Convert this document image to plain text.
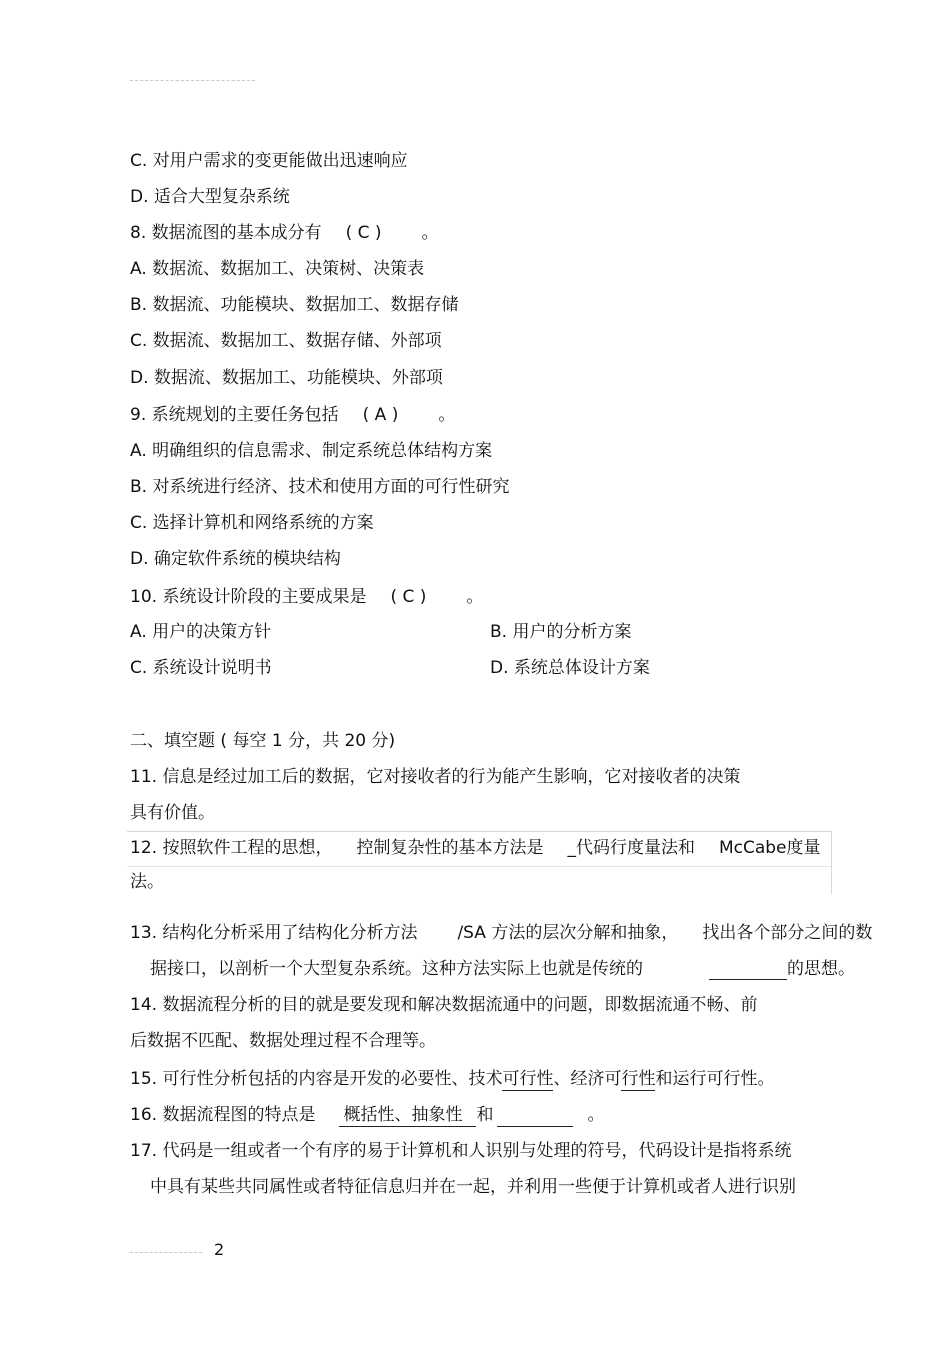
C. 对用户需求的变更能做出迅速响应
D. 适合大型复杂系统
8. 数据流图的基本成分有 ( C ) 。
A. 数据流、数据加工、决策树、决策表
B. 数据流、功能模块、数据加工、数据存储
C. 数据流、数据加工、数据存储、外部项
D. 数据流、数据加工、功能模块、外部项
9. 系统规划的主要任务包括 ( A ) 。
A. 明确组织的信息需求、制定系统总体结构方案
B. 对系统进行经济、技术和使用方面的可行性研究
C. 选择计算机和网络系统的方案
D. 确定软件系统的模块结构
10. 系统设计阶段的主要成果是 ( C ) 。
A. 用户的决策方针	B. 用户的分析方案
C. 系统设计说明书	D. 系统总体设计方案
二、填空题 ( 每空 1 分，共 20 分)
11. 信息是经过加工后的数据，它对接收者的行为能产生影响，它对接收者的决策
具有价值。
12. 按照软件工程的思想， 控制复杂性的基本方法是 _代码行度量法和 McCabe度量
法。
13. 结构化分析采用了结构化分析方法 /SA 方法的层次分解和抽象， 找出各个部分之间的数
据接口，以剖析一个大型复杂系统。这种方法实际上也就是传统的	的思想。
14. 数据流程分析的目的就是要发现和解决数据流通中的问题，即数据流通不畅、前
后数据不匹配、数据处理过程不合理等。
15. 可行性分析包括的内容是开发的必要性、技术可行性、经济可行性和运行可行性。
16. 数据流程图的特点是 概括性、抽象性 和	。
17. 代码是一组或者一个有序的易于计算机和人识别与处理的符号，代码设计是指将系统
中具有某些共同属性或者特征信息归并在一起，并利用一些便于计算机或者人进行识别
2
